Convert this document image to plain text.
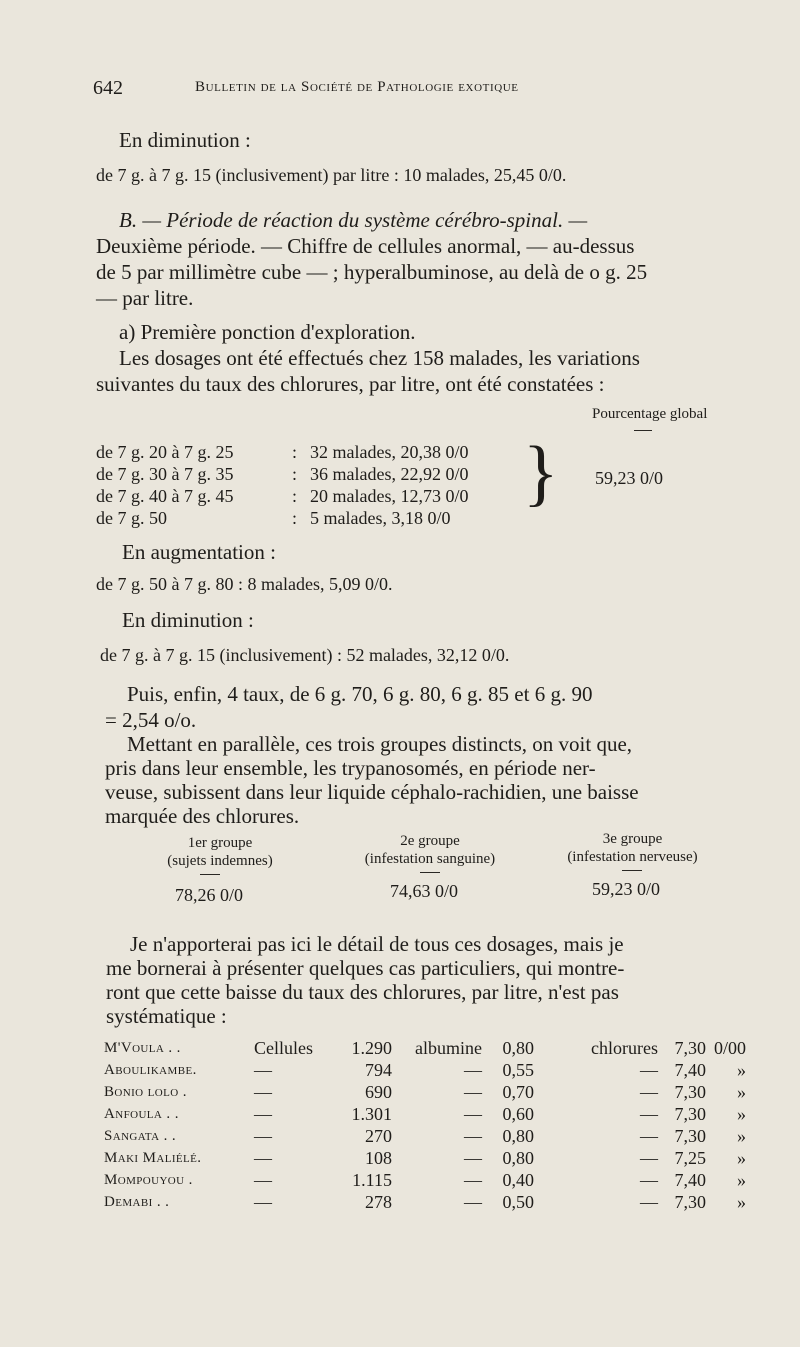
642	Bulletin de la Société de Pathologie exotique
En diminution :
de 7 g. à 7 g. 15 (inclusivement) par litre : 10 malades, 25,45 0/0.
B. — Période de réaction du système cérébro-spinal. —
Deuxième période. — Chiffre de cellules anormal, — au-dessus
de 5 par millimètre cube — ; hyperalbuminose, au delà de o g. 25
— par litre.
a) Première ponction d'exploration.
Les dosages ont été effectués chez 158 malades, les variations
suivantes du taux des chlorures, par litre, ont été constatées :
Pourcentage global
de 7 g. 20 à 7 g. 25	: 32 malades, 20,38 0/0
de 7 g. 30 à 7 g. 35	: 36 malades, 22,92 0/0
de 7 g. 40 à 7 g. 45	: 20 malades, 12,73 0/0
de 7 g. 50	: 5 malades, 3,18 0/0
} 59,23 0/0
En augmentation :
de 7 g. 50 à 7 g. 80 : 8 malades, 5,09 0/0.
En diminution :
de 7 g. à 7 g. 15 (inclusivement) : 52 malades, 32,12 0/0.
Puis, enfin, 4 taux, de 6 g. 70, 6 g. 80, 6 g. 85 et 6 g. 90
= 2,54 o/o.
Mettant en parallèle, ces trois groupes distincts, on voit que,
pris dans leur ensemble, les trypanosomés, en période ner-
veuse, subissent dans leur liquide céphalo-rachidien, une baisse
marquée des chlorures.
1er groupe
(sujets indemnes)
78,26 0/0
2e groupe
(infestation sanguine)
74,63 0/0
3e groupe
(infestation nerveuse)
59,23 0/0
Je n'apporterai pas ici le détail de tous ces dosages, mais je
me bornerai à présenter quelques cas particuliers, qui montre-
ront que cette baisse du taux des chlorures, par litre, n'est pas
systématique :
M'Voula . .	Cellules	1.290	albumine	0,80	chlorures	7,30	0/00
Aboulikambe.	—	794	—	0,55	—	7,40	»
Bonio lolo .	—	690	—	0,70	—	7,30	»
Anfoula . .	—	1.301	—	0,60	—	7,30	»
Sangata . .	—	270	—	0,80	—	7,30	»
Maki Maliélé.	—	108	—	0,80	—	7,25	»
Mompouyou .	—	1.115	—	0,40	—	7,40	»
Demabi . .	—	278	—	0,50	—	7,30	»
